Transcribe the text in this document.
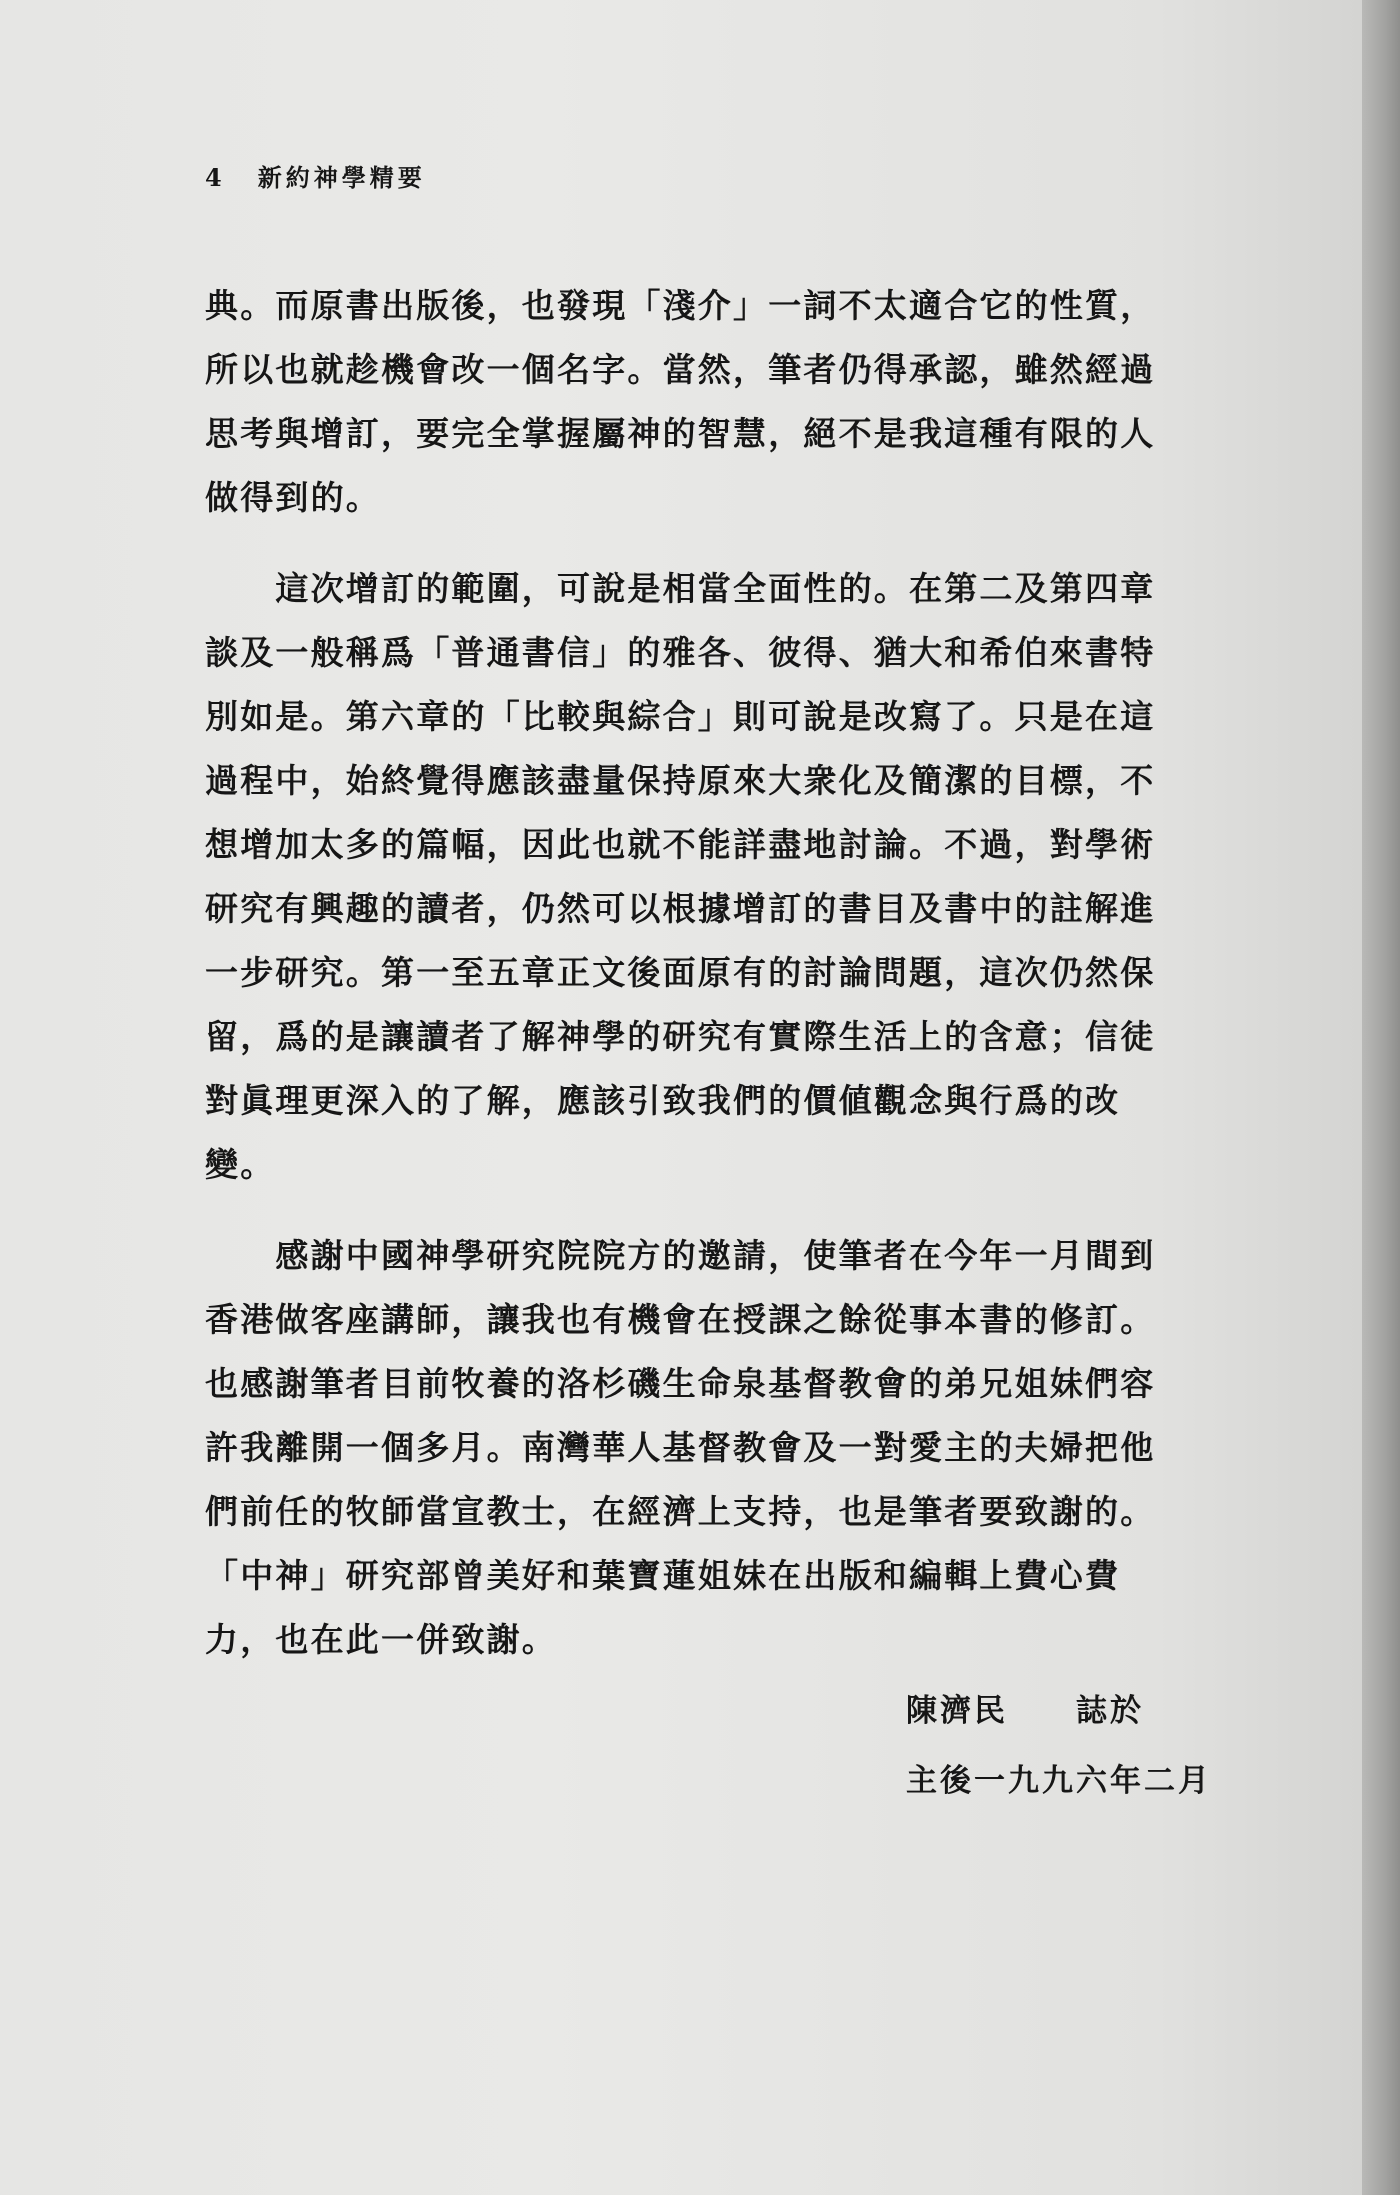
4 新約神學精要
典。而原書出版後，也發現「淺介」一詞不太適合它的性質，
所以也就趁機會改一個名字。當然，筆者仍得承認，雖然經過
思考與增訂，要完全掌握屬神的智慧，絕不是我這種有限的人
做得到的。
　　這次增訂的範圍，可說是相當全面性的。在第二及第四章
談及一般稱爲「普通書信」的雅各、彼得、猶大和希伯來書特
別如是。第六章的「比較與綜合」則可說是改寫了。只是在這
過程中，始終覺得應該盡量保持原來大衆化及簡潔的目標，不
想增加太多的篇幅，因此也就不能詳盡地討論。不過，對學術
研究有興趣的讀者，仍然可以根據增訂的書目及書中的註解進
一步研究。第一至五章正文後面原有的討論問題，這次仍然保
留，爲的是讓讀者了解神學的研究有實際生活上的含意；信徒
對眞理更深入的了解，應該引致我們的價値觀念與行爲的改
變。
　　感謝中國神學研究院院方的邀請，使筆者在今年一月間到
香港做客座講師，讓我也有機會在授課之餘從事本書的修訂。
也感謝筆者目前牧養的洛杉磯生命泉基督教會的弟兄姐妹們容
許我離開一個多月。南灣華人基督教會及一對愛主的夫婦把他
們前任的牧師當宣教士，在經濟上支持，也是筆者要致謝的。
「中神」研究部曾美好和葉寶蓮姐妹在出版和編輯上費心費
力，也在此一併致謝。
陳濟民　　誌於
主後一九九六年二月
